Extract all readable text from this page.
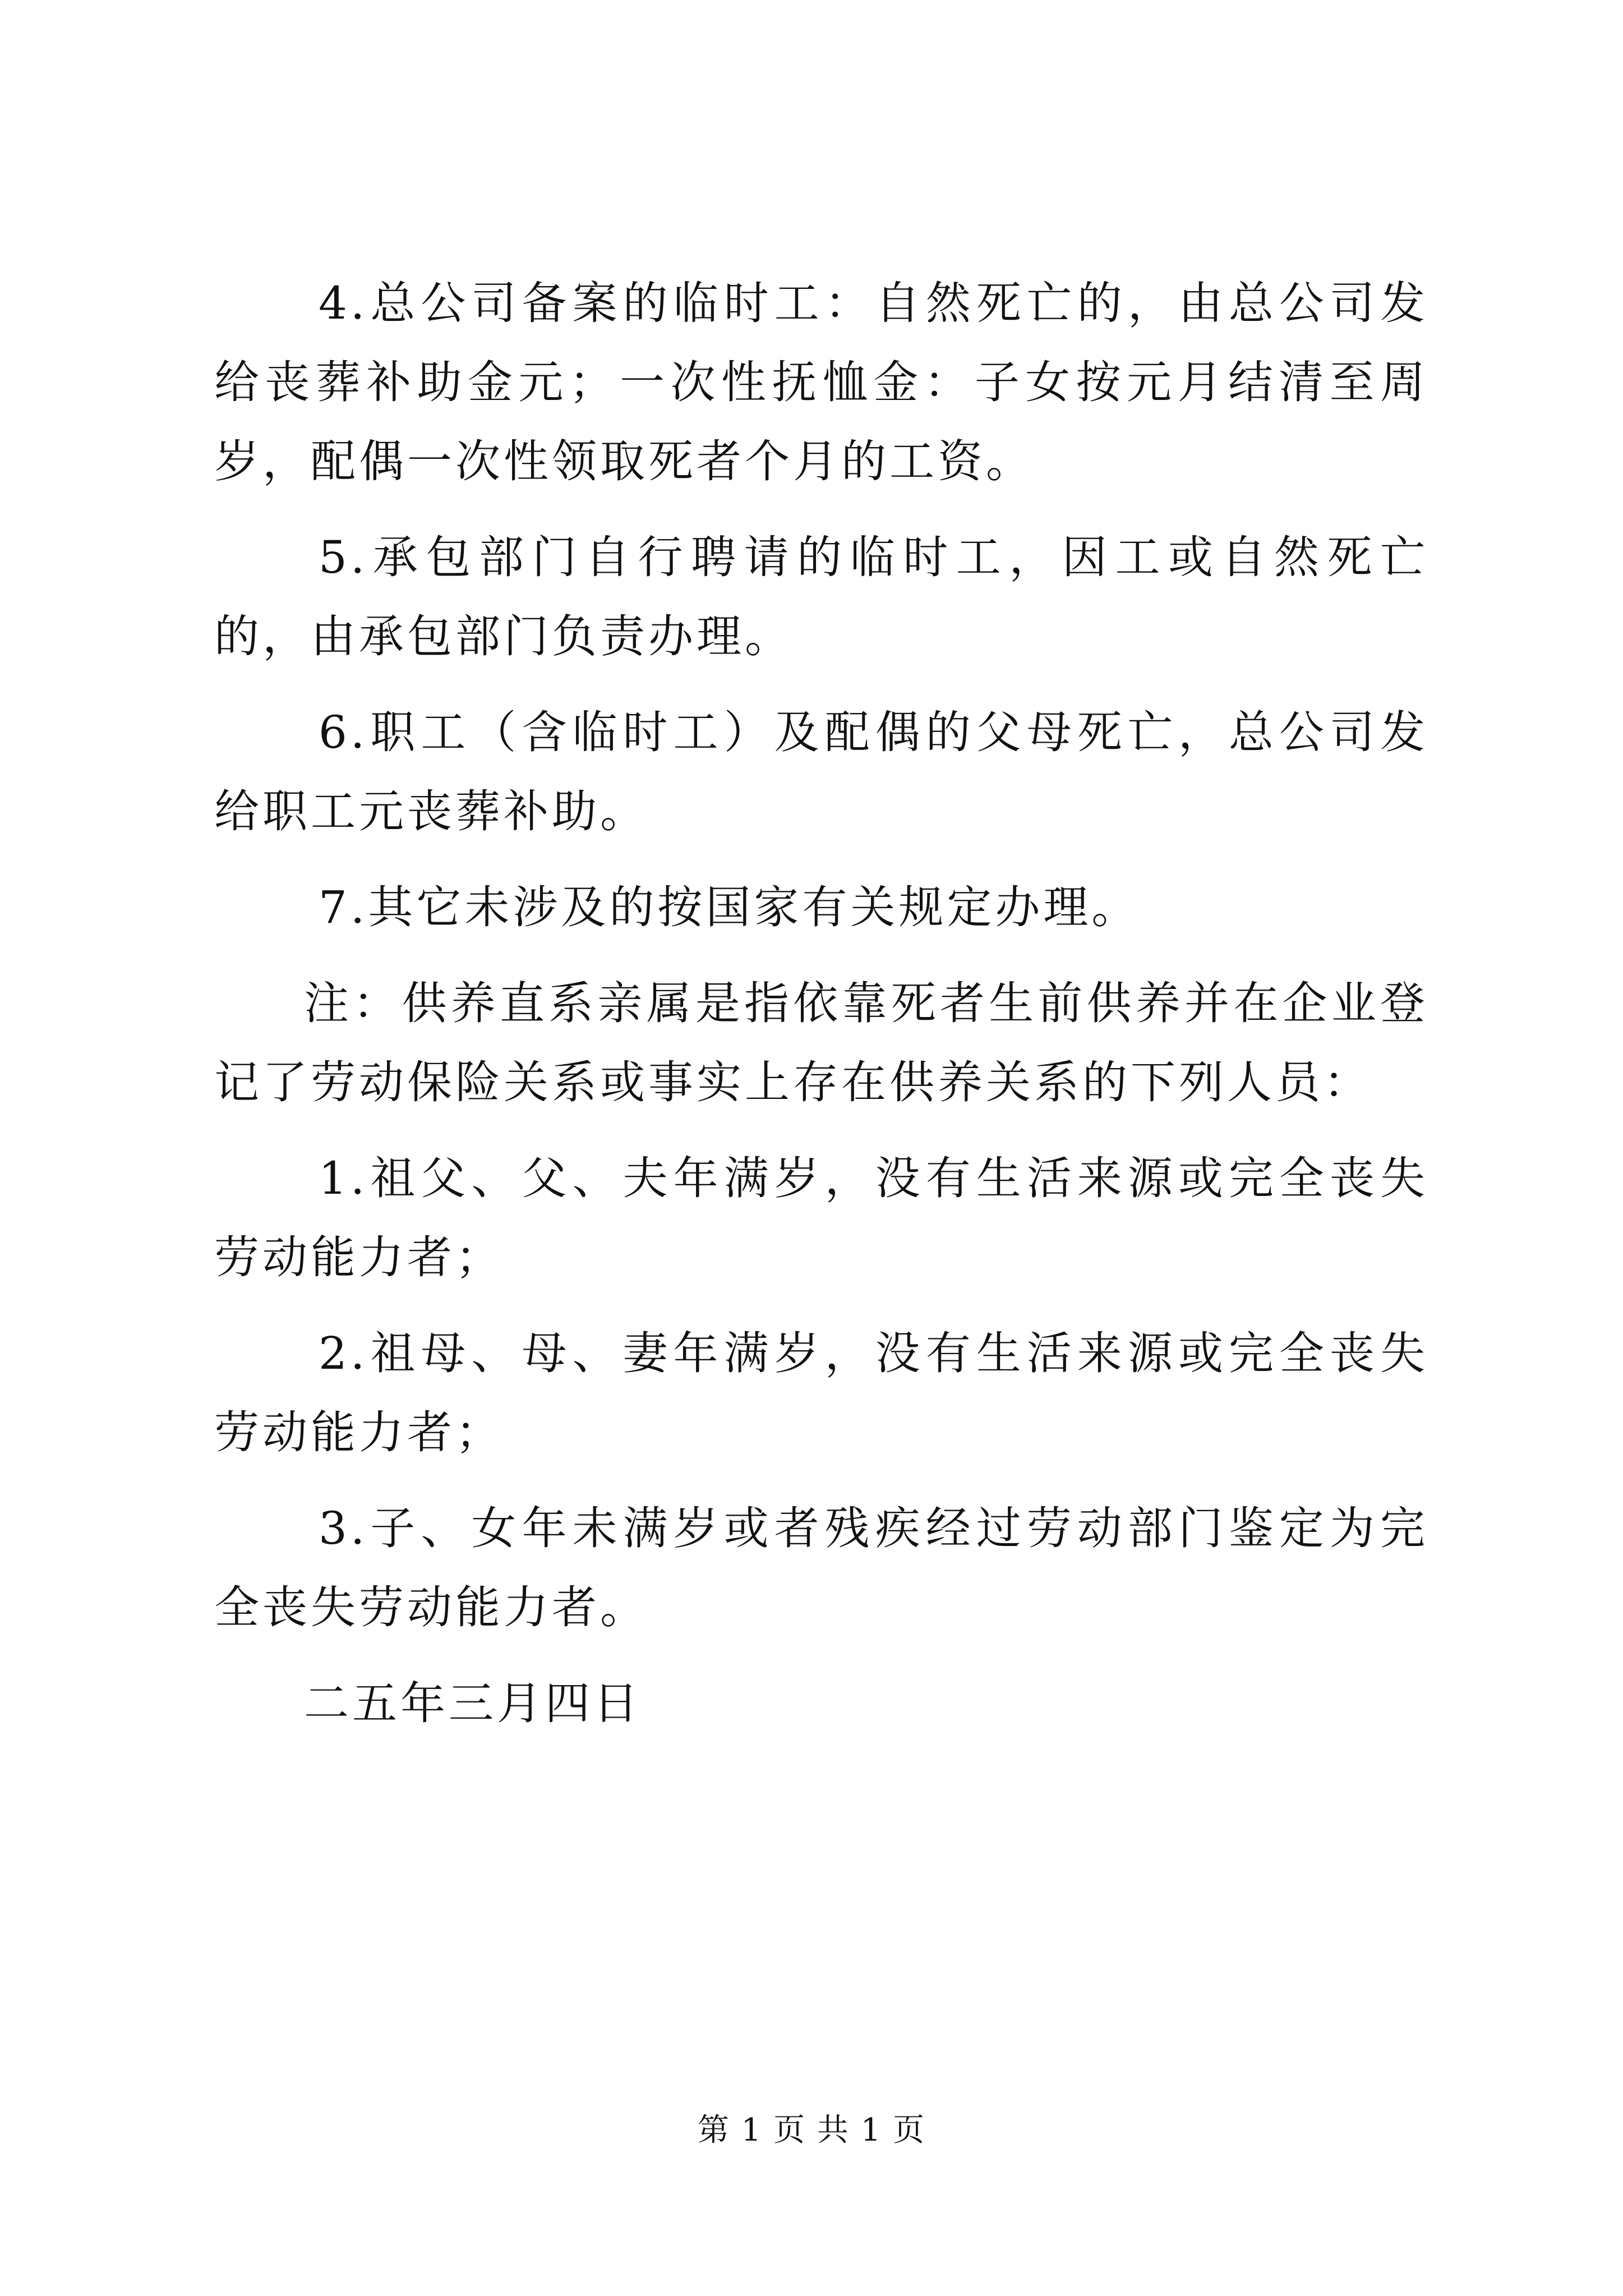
4.总公司备案的临时工：自然死亡的，由总公司发给丧葬补助金元；一次性抚恤金：子女按元月结清至周岁，配偶一次性领取死者个月的工资。

5.承包部门自行聘请的临时工，因工或自然死亡的，由承包部门负责办理。

6.职工（含临时工）及配偶的父母死亡，总公司发给职工元丧葬补助。

7.其它未涉及的按国家有关规定办理。

注：供养直系亲属是指依靠死者生前供养并在企业登记了劳动保险关系或事实上存在供养关系的下列人员：

1.祖父、父、夫年满岁，没有生活来源或完全丧失劳动能力者；

2.祖母、母、妻年满岁，没有生活来源或完全丧失劳动能力者；

3.子、女年未满岁或者残疾经过劳动部门鉴定为完全丧失劳动能力者。

二五年三月四日

第 1 页 共 1 页
